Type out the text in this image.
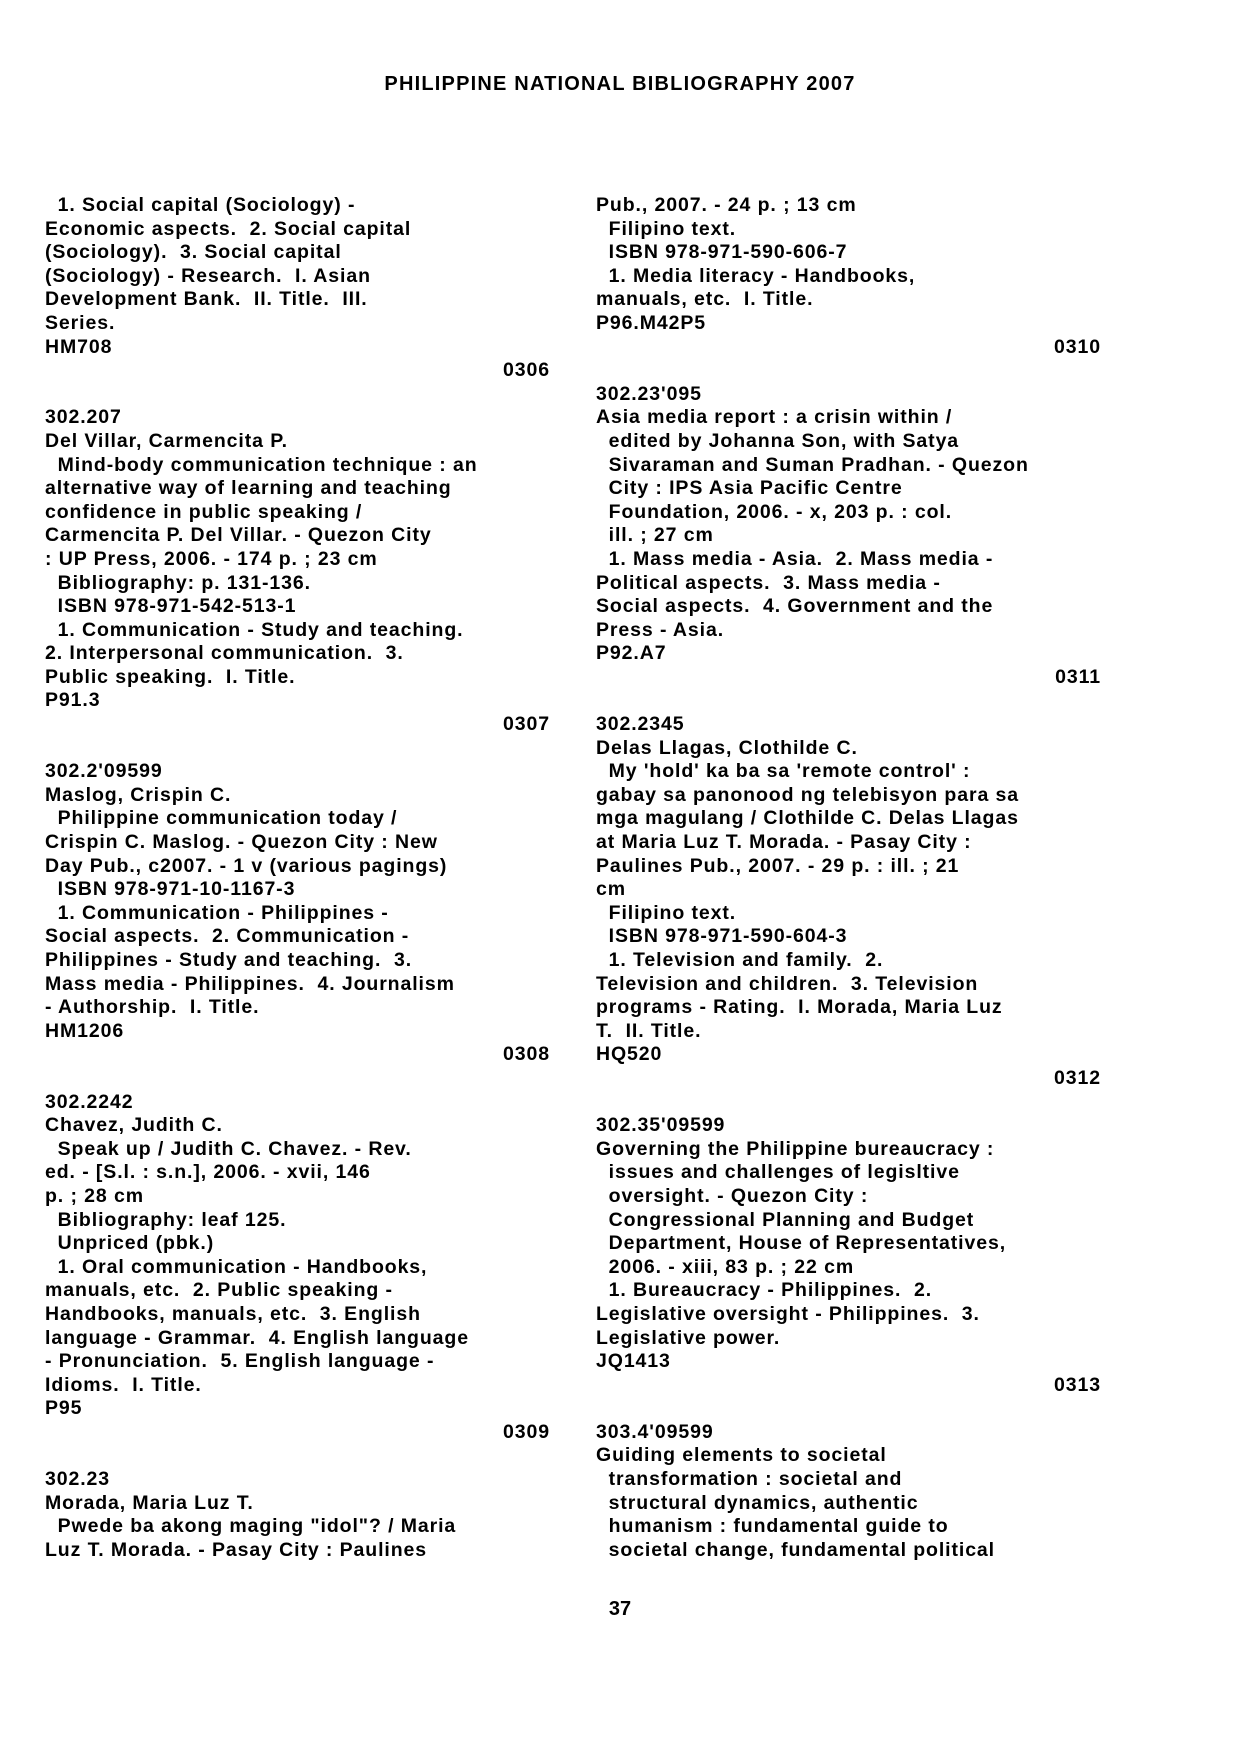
PHILIPPINE NATIONAL BIBLIOGRAPHY 2007
1. Social capital (Sociology) -
Economic aspects.  2. Social capital
(Sociology).  3. Social capital
(Sociology) - Research.  I. Asian
Development Bank.  II. Title.  III.
Series.
HM708
0306
302.207
Del Villar, Carmencita P.
Mind-body communication technique : an
alternative way of learning and teaching
confidence in public speaking /
Carmencita P. Del Villar. - Quezon City
: UP Press, 2006. - 174 p. ; 23 cm
Bibliography: p. 131-136.
ISBN 978-971-542-513-1
1. Communication - Study and teaching.
2. Interpersonal communication.  3.
Public speaking.  I. Title.
P91.3
0307
302.2'09599
Maslog, Crispin C.
Philippine communication today /
Crispin C. Maslog. - Quezon City : New
Day Pub., c2007. - 1 v (various pagings)
ISBN 978-971-10-1167-3
1. Communication - Philippines -
Social aspects.  2. Communication -
Philippines - Study and teaching.  3.
Mass media - Philippines.  4. Journalism
- Authorship.  I. Title.
HM1206
0308
302.2242
Chavez, Judith C.
Speak up / Judith C. Chavez. - Rev.
ed. - [S.l. : s.n.], 2006. - xvii, 146
p. ; 28 cm
Bibliography: leaf 125.
Unpriced (pbk.)
1. Oral communication - Handbooks,
manuals, etc.  2. Public speaking -
Handbooks, manuals, etc.  3. English
language - Grammar.  4. English language
- Pronunciation.  5. English language -
Idioms.  I. Title.
P95
0309
302.23
Morada, Maria Luz T.
Pwede ba akong maging "idol"? / Maria
Luz T. Morada. - Pasay City : Paulines
Pub., 2007. - 24 p. ; 13 cm
Filipino text.
ISBN 978-971-590-606-7
1. Media literacy - Handbooks,
manuals, etc.  I. Title.
P96.M42P5
0310
302.23'095
Asia media report : a crisin within /
edited by Johanna Son, with Satya
Sivaraman and Suman Pradhan. - Quezon
City : IPS Asia Pacific Centre
Foundation, 2006. - x, 203 p. : col.
ill. ; 27 cm
1. Mass media - Asia.  2. Mass media -
Political aspects.  3. Mass media -
Social aspects.  4. Government and the
Press - Asia.
P92.A7
0311
302.2345
Delas Llagas, Clothilde C.
My 'hold' ka ba sa 'remote control' :
gabay sa panonood ng telebisyon para sa
mga magulang / Clothilde C. Delas Llagas
at Maria Luz T. Morada. - Pasay City :
Paulines Pub., 2007. - 29 p. : ill. ; 21
cm
Filipino text.
ISBN 978-971-590-604-3
1. Television and family.  2.
Television and children.  3. Television
programs - Rating.  I. Morada, Maria Luz
T.  II. Title.
HQ520
0312
302.35'09599
Governing the Philippine bureaucracy :
issues and challenges of legisltive
oversight. - Quezon City :
Congressional Planning and Budget
Department, House of Representatives,
2006. - xiii, 83 p. ; 22 cm
1. Bureaucracy - Philippines.  2.
Legislative oversight - Philippines.  3.
Legislative power.
JQ1413
0313
303.4'09599
Guiding elements to societal
transformation : societal and
structural dynamics, authentic
humanism : fundamental guide to
societal change, fundamental political
37
